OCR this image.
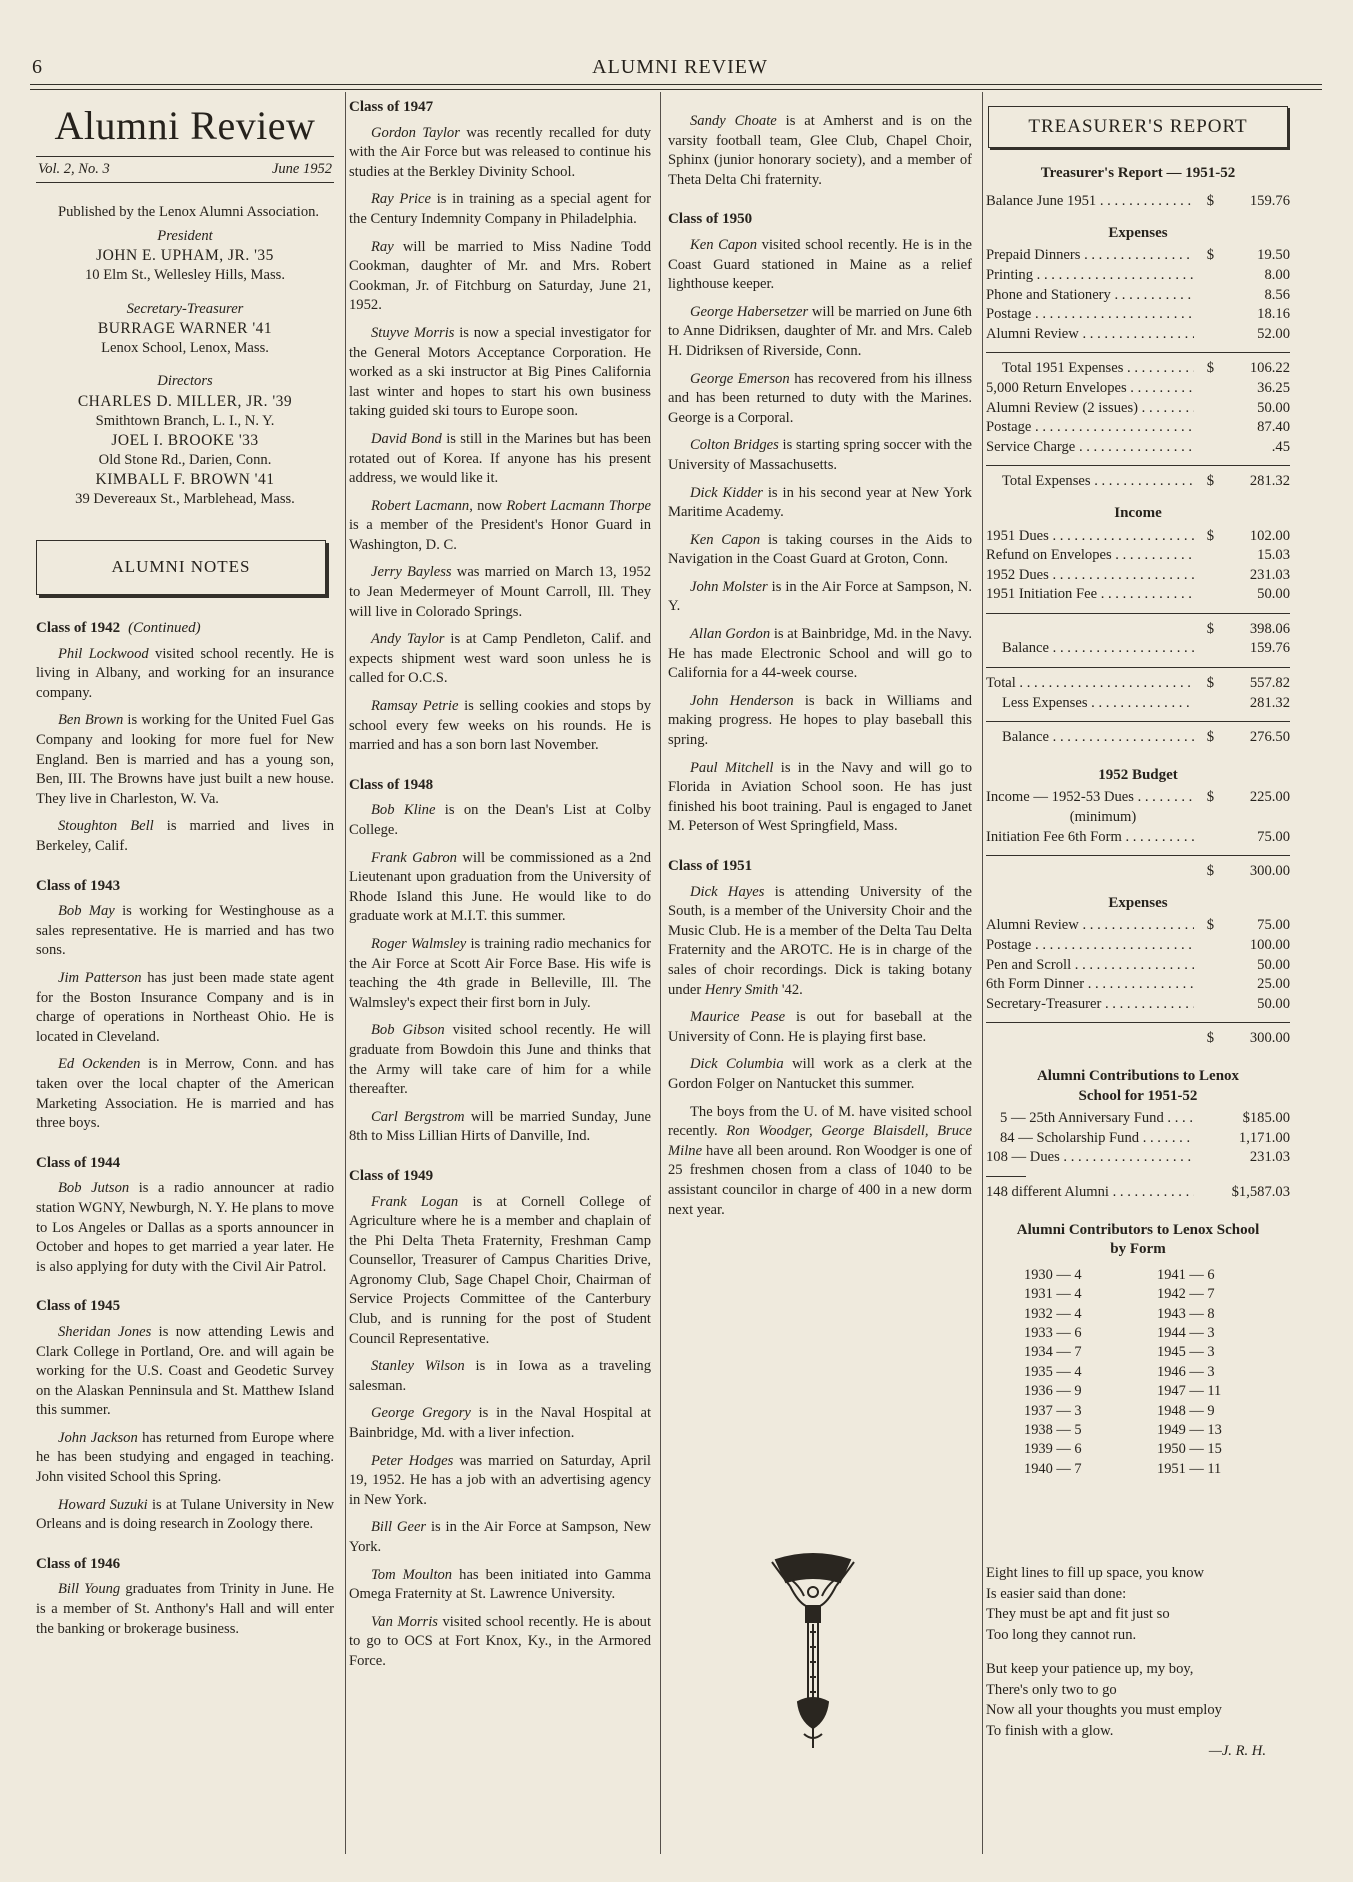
6	ALUMNI REVIEW
Alumni Review
Vol. 2, No. 3	June 1952
Published by the Lenox Alumni Association.
President
JOHN E. UPHAM, JR. '35
10 Elm St., Wellesley Hills, Mass.
Secretary-Treasurer
BURRAGE WARNER '41
Lenox School, Lenox, Mass.
Directors
CHARLES D. MILLER, JR. '39
Smithtown Branch, L. I., N. Y.
JOEL I. BROOKE '33
Old Stone Rd., Darien, Conn.
KIMBALL F. BROWN '41
39 Devereaux St., Marblehead, Mass.
ALUMNI NOTES
Class of 1942 (Continued)

Phil Lockwood visited school recently. He is living in Albany, and working for an insurance company.

Ben Brown is working for the United Fuel Gas Company and looking for more fuel for New England. Ben is married and has a young son, Ben, III. The Browns have just built a new house. They live in Charleston, W. Va.

Stoughton Bell is married and lives in Berkeley, Calif.

Class of 1943

Bob May is working for Westinghouse as a sales representative. He is married and has two sons.

Jim Patterson has just been made state agent for the Boston Insurance Company and is in charge of operations in Northeast Ohio. He is located in Cleveland.

Ed Ockenden is in Merrow, Conn. and has taken over the local chapter of the American Marketing Association. He is married and has three boys.

Class of 1944

Bob Jutson is a radio announcer at radio station WGNY, Newburgh, N. Y. He plans to move to Los Angeles or Dallas as a sports announcer in October and hopes to get married a year later. He is also applying for duty with the Civil Air Patrol.

Class of 1945

Sheridan Jones is now attending Lewis and Clark College in Portland, Ore. and will again be working for the U.S. Coast and Geodetic Survey on the Alaskan Penninsula and St. Matthew Island this summer.

John Jackson has returned from Europe where he has been studying and engaged in teaching. John visited School this Spring.

Howard Suzuki is at Tulane University in New Orleans and is doing research in Zoology there.

Class of 1946

Bill Young graduates from Trinity in June. He is a member of St. Anthony's Hall and will enter the banking or brokerage business.

Class of 1947

Gordon Taylor was recently recalled for duty with the Air Force but was released to continue his studies at the Berkley Divinity School.

Ray Price is in training as a special agent for the Century Indemnity Company in Philadelphia.

Ray will be married to Miss Nadine Todd Cookman, daughter of Mr. and Mrs. Robert Cookman, Jr. of Fitchburg on Saturday, June 21, 1952.

Stuyve Morris is now a special investigator for the General Motors Acceptance Corporation. He worked as a ski instructor at Big Pines California last winter and hopes to start his own business taking guided ski tours to Europe soon.

David Bond is still in the Marines but has been rotated out of Korea. If anyone has his present address, we would like it.

Robert Lacmann, now Robert Lacmann Thorpe is a member of the President's Honor Guard in Washington, D. C.

Jerry Bayless was married on March 13, 1952 to Jean Medermeyer of Mount Carroll, Ill. They will live in Colorado Springs.

Andy Taylor is at Camp Pendleton, Calif. and expects shipment west ward soon unless he is called for O.C.S.

Ramsay Petrie is selling cookies and stops by school every few weeks on his rounds. He is married and has a son born last November.

Class of 1948

Bob Kline is on the Dean's List at Colby College.

Frank Gabron will be commissioned as a 2nd Lieutenant upon graduation from the University of Rhode Island this June. He would like to do graduate work at M.I.T. this summer.

Roger Walmsley is training radio mechanics for the Air Force at Scott Air Force Base. His wife is teaching the 4th grade in Belleville, Ill. The Walmsley's expect their first born in July.

Bob Gibson visited school recently. He will graduate from Bowdoin this June and thinks that the Army will take care of him for a while thereafter.

Carl Bergstrom will be married Sunday, June 8th to Miss Lillian Hirts of Danville, Ind.

Class of 1949

Frank Logan is at Cornell College of Agriculture where he is a member and chaplain of the Phi Delta Theta Fraternity, Freshman Camp Counsellor, Treasurer of Campus Charities Drive, Agronomy Club, Sage Chapel Choir, Chairman of Service Projects Committee of the Canterbury Club, and is running for the post of Student Council Representative.

Stanley Wilson is in Iowa as a traveling salesman.

George Gregory is in the Naval Hospital at Bainbridge, Md. with a liver infection.

Peter Hodges was married on Saturday, April 19, 1952. He has a job with an advertising agency in New York.

Bill Geer is in the Air Force at Sampson, New York.

Tom Moulton has been initiated into Gamma Omega Fraternity at St. Lawrence University.

Van Morris visited school recently. He is about to go to OCS at Fort Knox, Ky., in the Armored Force.

Sandy Choate is at Amherst and is on the varsity football team, Glee Club, Chapel Choir, Sphinx (junior honorary society), and a member of Theta Delta Chi fraternity.

Class of 1950

Ken Capon visited school recently. He is in the Coast Guard stationed in Maine as a relief lighthouse keeper.

George Habersetzer will be married on June 6th to Anne Didriksen, daughter of Mr. and Mrs. Caleb H. Didriksen of Riverside, Conn.

George Emerson has recovered from his illness and has been returned to duty with the Marines. George is a Corporal.

Colton Bridges is starting spring soccer with the University of Massachusetts.

Dick Kidder is in his second year at New York Maritime Academy.

Ken Capon is taking courses in the Aids to Navigation in the Coast Guard at Groton, Conn.

John Molster is in the Air Force at Sampson, N. Y.

Allan Gordon is at Bainbridge, Md. in the Navy. He has made Electronic School and will go to California for a 44-week course.

John Henderson is back in Williams and making progress. He hopes to play baseball this spring.

Paul Mitchell is in the Navy and will go to Florida in Aviation School soon. He has just finished his boot training. Paul is engaged to Janet M. Peterson of West Springfield, Mass.

Class of 1951

Dick Hayes is attending University of the South, is a member of the University Choir and the Music Club. He is a member of the Delta Tau Delta Fraternity and the AROTC. He is in charge of the sales of choir recordings. Dick is taking botany under Henry Smith '42.

Maurice Pease is out for baseball at the University of Conn. He is playing first base.

Dick Columbia will work as a clerk at the Gordon Folger on Nantucket this summer.

The boys from the U. of M. have visited school recently. Ron Woodger, George Blaisdell, Bruce Milne have all been around. Ron Woodger is one of 25 freshmen chosen from a class of 1040 to be assistant councilor in charge of 400 in a new dorm next year.

TREASURER'S REPORT
Treasurer's Report — 1951-52
Balance June 1951 . . .	$	159.76
Expenses
Prepaid Dinners . . .	$	19.50
Printing . . .	8.00
Phone and Stationery . . .	8.56
Postage . . .	18.16
Alumni Review . . .	52.00
Total 1951 Expenses . . .	$	106.22
5,000 Return Envelopes . . .	36.25
Alumni Review (2 issues) . . .	50.00
Postage . . .	87.40
Service Charge . . .	.45
Total Expenses . . .	$	281.32
Income
1951 Dues . . .	$	102.00
Refund on Envelopes . . .	15.03
1952 Dues . . .	231.03
1951 Initiation Fee . . .	50.00
$	398.06
Balance . . .	159.76
Total . . .	$	557.82
Less Expenses . . .	281.32
Balance . . .	$	276.50
1952 Budget
Income — 1952-53 Dues . . .	$	225.00
(minimum)
Initiation Fee 6th Form . . .	75.00
$	300.00
Expenses
Alumni Review . . .	$	75.00
Postage . . .	100.00
Pen and Scroll . . .	50.00
6th Form Dinner . . .	25.00
Secretary-Treasurer . . .	50.00
$	300.00
Alumni Contributions to Lenox School for 1951-52
5 — 25th Anniversary Fund . . .	$185.00
84 — Scholarship Fund . . .	1,171.00
108 — Dues . . .	231.03
148 different Alumni . . .	$1,587.03
Alumni Contributors to Lenox School by Form
1930 — 4	1941 — 6
1931 — 4	1942 — 7
1932 — 4	1943 — 8
1933 — 6	1944 — 3
1934 — 7	1945 — 3
1935 — 4	1946 — 3
1936 — 9	1947 — 11
1937 — 3	1948 — 9
1938 — 5	1949 — 13
1939 — 6	1950 — 15
1940 — 7	1951 — 11
Eight lines to fill up space, you know
Is easier said than done:
They must be apt and fit just so
Too long they cannot run.
But keep your patience up, my boy,
There's only two to go
Now all your thoughts you must employ
To finish with a glow.
—J. R. H.
